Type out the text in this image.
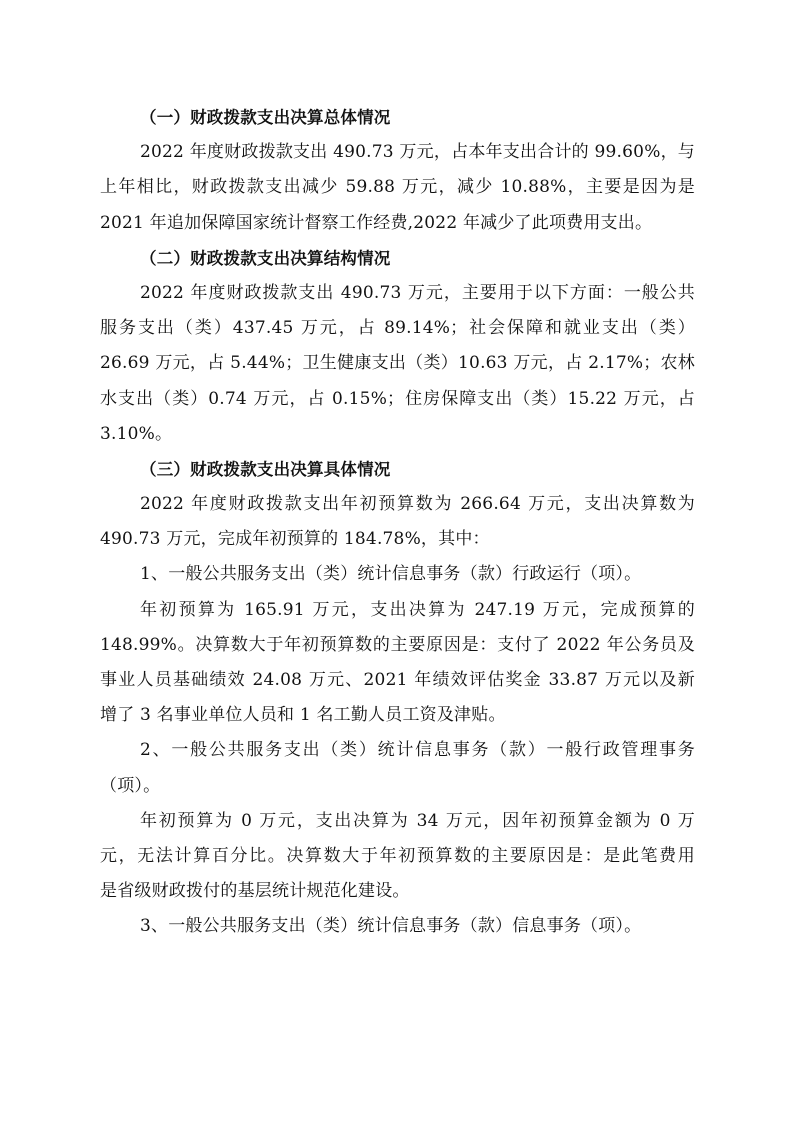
（一）财政拨款支出决算总体情况
2022 年度财政拨款支出 490.73 万元，占本年支出合计的 99.60%，与
上年相比，财政拨款支出减少 59.88 万元，减少 10.88%，主要是因为是
2021 年追加保障国家统计督察工作经费,2022 年减少了此项费用支出。
（二）财政拨款支出决算结构情况
2022 年度财政拨款支出 490.73 万元，主要用于以下方面：一般公共
服务支出（类）437.45 万元，占 89.14%；社会保障和就业支出（类）
26.69 万元，占 5.44%；卫生健康支出（类）10.63 万元，占 2.17%；农林
水支出（类）0.74 万元，占 0.15%；住房保障支出（类）15.22 万元，占
3.10%。
（三）财政拨款支出决算具体情况
2022 年度财政拨款支出年初预算数为 266.64 万元，支出决算数为
490.73 万元，完成年初预算的 184.78%，其中：
1、一般公共服务支出（类）统计信息事务（款）行政运行（项）。
年初预算为 165.91 万元，支出决算为 247.19 万元，完成预算的
148.99%。决算数大于年初预算数的主要原因是：支付了 2022 年公务员及
事业人员基础绩效 24.08 万元、2021 年绩效评估奖金 33.87 万元以及新
增了 3 名事业单位人员和 1 名工勤人员工资及津贴。
2、一般公共服务支出（类）统计信息事务（款）一般行政管理事务
（项）。
年初预算为 0 万元，支出决算为 34 万元，因年初预算金额为 0 万
元，无法计算百分比。决算数大于年初预算数的主要原因是：是此笔费用
是省级财政拨付的基层统计规范化建设。
3、一般公共服务支出（类）统计信息事务（款）信息事务（项）。
